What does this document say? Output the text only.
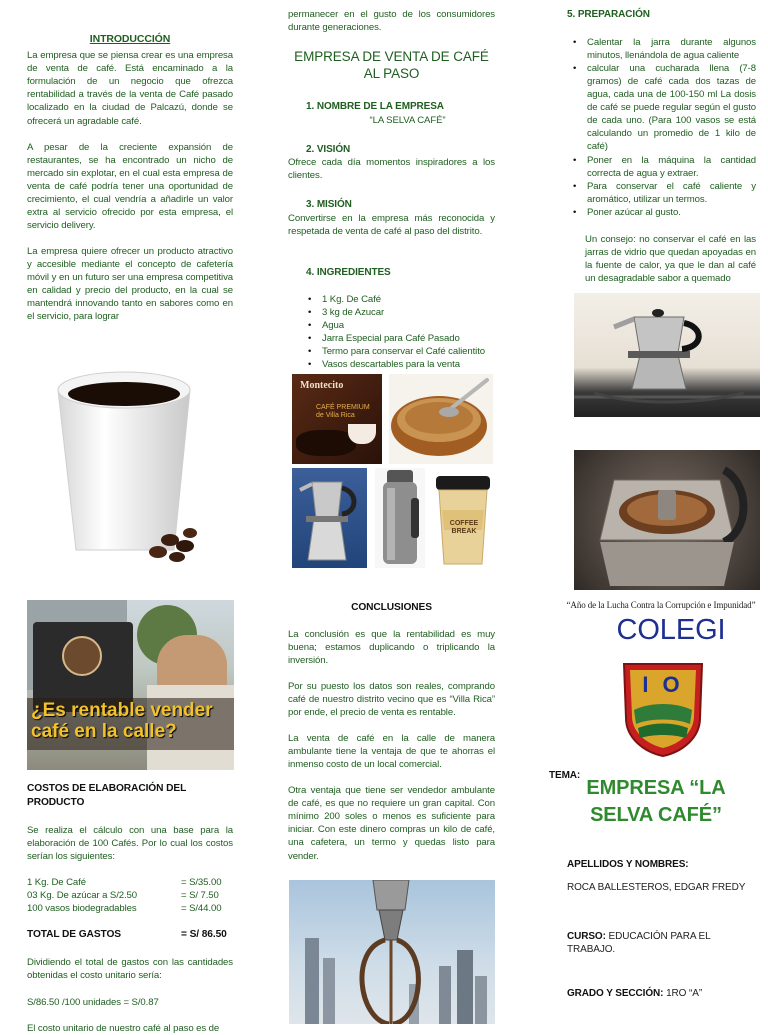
INTRODUCCIÓN

La empresa que se piensa crear es una empresa de venta de café. Está encaminado a la formulación de un negocio que ofrezca rentabilidad a través de la venta de Café pasado localizado en la ciudad de Palcazú, donde se ofrecerá un agradable café.

A pesar de la creciente expansión de restaurantes, se ha encontrado un nicho de mercado sin explotar, en el cual esta empresa de venta de café podría tener una oportunidad de crecimiento, el cual vendría a añadirle un valor extra al servicio ofrecido por esta empresa, el servicio delivery.

La empresa quiere ofrecer un producto atractivo y accesible mediante el concepto de cafetería móvil y en un futuro ser una empresa competitiva en calidad y precio del producto, en la cual se mantendrá innovando tanto en sabores como en el servicio, para lograr

¿Es rentable vender café en la calle?

COSTOS DE ELABORACIÓN DEL PRODUCTO

Se realiza el cálculo con una base para la elaboración de 100 Cafés. Por lo cual los costos serían los siguientes:

1 Kg. De Café	= S/35.00
03 Kg. De azúcar a S/2.50	= S/ 7.50
100 vasos biodegradables	= S/44.00
TOTAL DE GASTOS	= S/ 86.50

Dividiendo el total de gastos con las cantidades obtenidas el costo unitario sería:

S/86.50 /100 unidades = S/0.87

El costo unitario de nuestro café al paso es de

permanecer en el gusto de los consumidores durante generaciones.

EMPRESA DE VENTA DE CAFÉ AL PASO

1. NOMBRE DE LA EMPRESA

“LA SELVA CAFÉ”

2. VISIÓN

Ofrece cada día momentos inspiradores a los clientes.

3. MISIÓN

Convertirse en la empresa más reconocida y respetada de venta de café al paso del distrito.

4. INGREDIENTES

• 1 Kg. De Café

• 3 kg de Azucar

• Agua

• Jarra Especial para Café Pasado

• Termo para conservar el Café calientito

• Vasos descartables para la venta

Montecito
CAFÉ PREMIUM de Villa Rica
COFFEE BREAK

CONCLUSIONES

La conclusión es que la rentabilidad es muy buena; estamos duplicando o triplicando la inversión.

Por su puesto los datos son reales, comprando café de nuestro distrito vecino que es “Villa Rica” por ende, el precio de venta es rentable.

La venta de café en la calle de manera ambulante tiene la ventaja de que te ahorras el inmenso costo de un local comercial.

Otra ventaja que tiene ser vendedor ambulante de café, es que no requiere un gran capital. Con mínimo 200 soles o menos es suficiente para iniciar. Con este dinero compras un kilo de café, una cafetera, un termo y quedas listo para vender.

5. PREPARACIÓN

• Calentar la jarra durante algunos minutos, llenándola de agua caliente

• calcular una cucharada llena (7-8 gramos) de café cada dos tazas de agua, cada una de 100-150 ml La dosis de café se puede regular según el gusto de cada uno. (Para 100 vasos se está calculando un promedio de 1 kilo de café)

• Poner en la máquina la cantidad correcta de agua y extraer.

• Para conservar el café caliente y aromático, utilizar un termos.

• Poner azúcar al gusto.

Un consejo: no conservar el café en las jarras de vidrio que quedan apoyadas en la fuente de calor, ya que le dan al café un desagradable sabor a quemado

“Año de la Lucha Contra la Corrupción e Impunidad”

COLEGI

I O
TEMA:
EMPRESA “LA SELVA CAFÉ”

APELLIDOS Y NOMBRES:

ROCA BALLESTEROS, EDGAR FREDY

CURSO: EDUCACIÓN PARA EL TRABAJO.

GRADO Y SECCIÓN: 1RO “A”
